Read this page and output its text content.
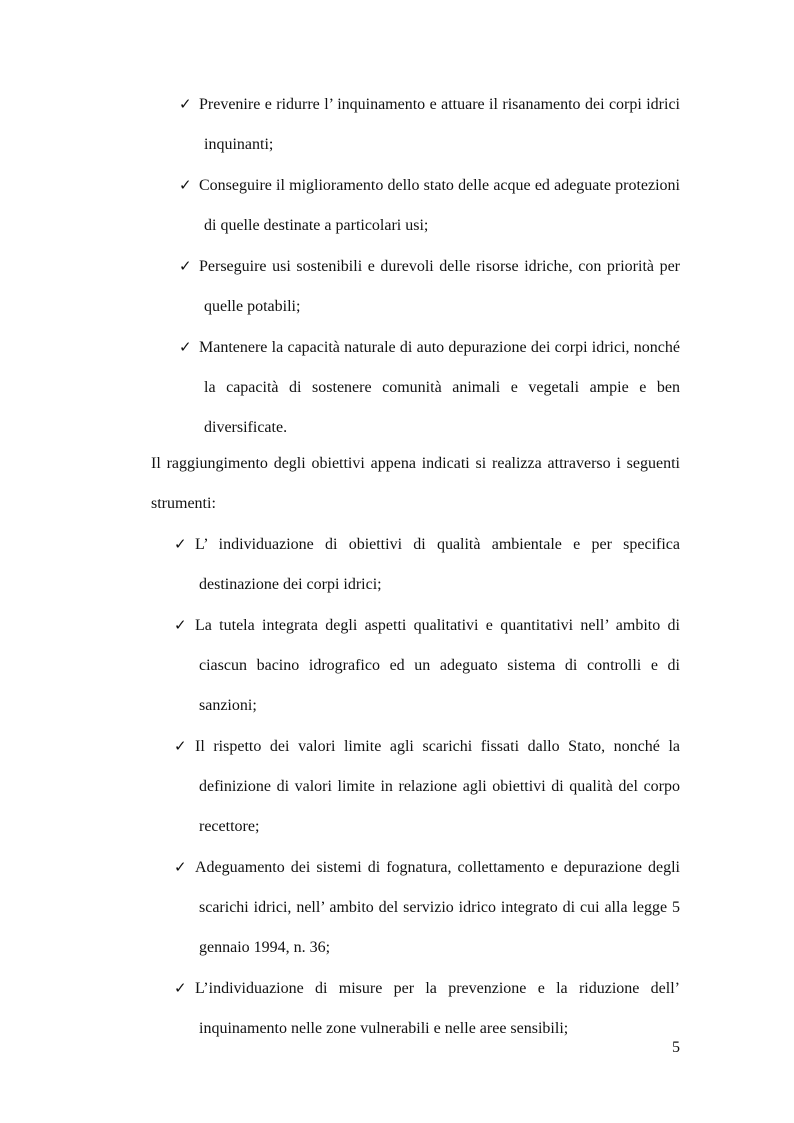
✓ Prevenire e ridurre l’ inquinamento e attuare il risanamento dei corpi idrici inquinanti;
✓ Conseguire il miglioramento dello stato delle acque ed adeguate protezioni di quelle destinate a particolari usi;
✓ Perseguire usi sostenibili e durevoli delle risorse idriche, con priorità per quelle potabili;
✓ Mantenere la capacità naturale di auto depurazione dei corpi idrici, nonché la capacità di sostenere comunità animali e vegetali ampie e ben diversificate.

Il raggiungimento degli obiettivi appena indicati si realizza attraverso i seguenti strumenti:

✓ L’ individuazione di obiettivi di qualità ambientale e per specifica destinazione dei corpi idrici;
✓ La tutela integrata degli aspetti qualitativi e quantitativi nell’ ambito di ciascun bacino idrografico ed un adeguato sistema di controlli e di sanzioni;
✓ Il rispetto dei valori limite agli scarichi fissati dallo Stato, nonché la definizione di valori limite in relazione agli obiettivi di qualità del corpo recettore;
✓ Adeguamento dei sistemi di fognatura, collettamento e depurazione degli scarichi idrici, nell’ ambito del servizio idrico integrato di cui alla legge 5 gennaio 1994, n. 36;
✓ L’individuazione di misure per la prevenzione e la riduzione dell’ inquinamento nelle zone vulnerabili e nelle aree sensibili;
5
